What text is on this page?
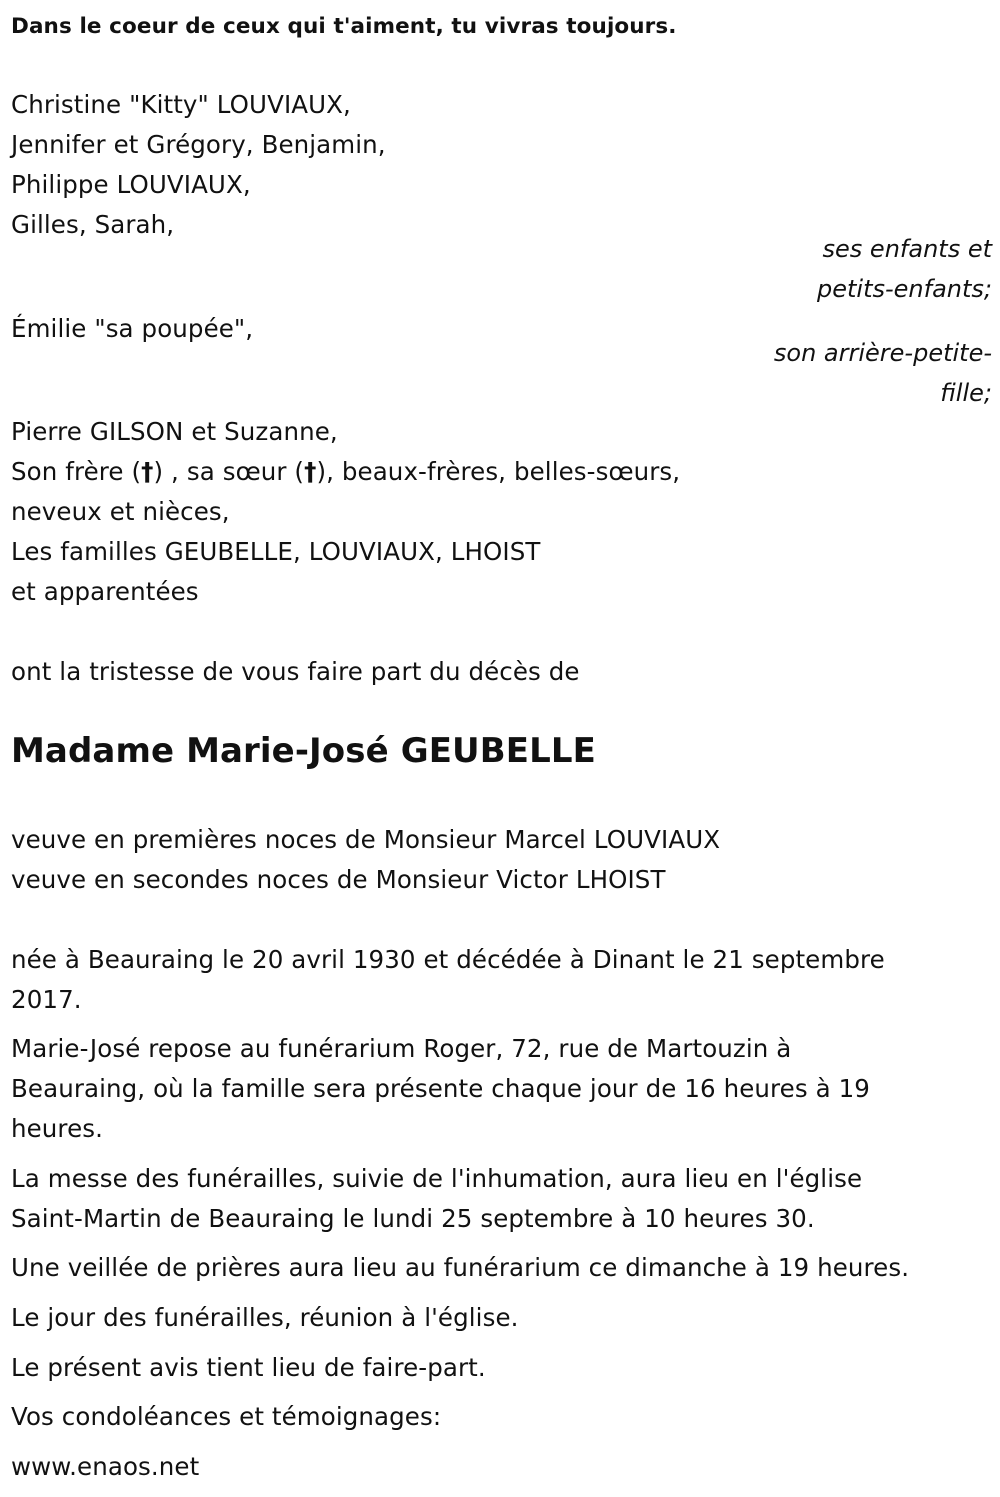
Dans le coeur de ceux qui t'aiment, tu vivras toujours.
Christine "Kitty" LOUVIAUX,
Jennifer et Grégory, Benjamin,
Philippe LOUVIAUX,
Gilles, Sarah,
ses enfants et
petits-enfants;
Émilie "sa poupée",
son arrière-petite-
fille;
Pierre GILSON et Suzanne,
Son frère (†) , sa sœur (†), beaux-frères, belles-sœurs,
neveux et nièces,
Les familles GEUBELLE, LOUVIAUX, LHOIST
et apparentées
ont la tristesse de vous faire part du décès de
Madame Marie-José GEUBELLE
veuve en premières noces de Monsieur Marcel LOUVIAUX
veuve en secondes noces de Monsieur Victor LHOIST
née à Beauraing le 20 avril 1930 et décédée à Dinant le 21 septembre
2017.
Marie-José repose au funérarium Roger, 72, rue de Martouzin à
Beauraing, où la famille sera présente chaque jour de 16 heures à 19
heures.
La messe des funérailles, suivie de l'inhumation, aura lieu en l'église
Saint-Martin de Beauraing le lundi 25 septembre à 10 heures 30.
Une veillée de prières aura lieu au funérarium ce dimanche à 19 heures.
Le jour des funérailles, réunion à l'église.
Le présent avis tient lieu de faire-part.
Vos condoléances et témoignages:
www.enaos.net
